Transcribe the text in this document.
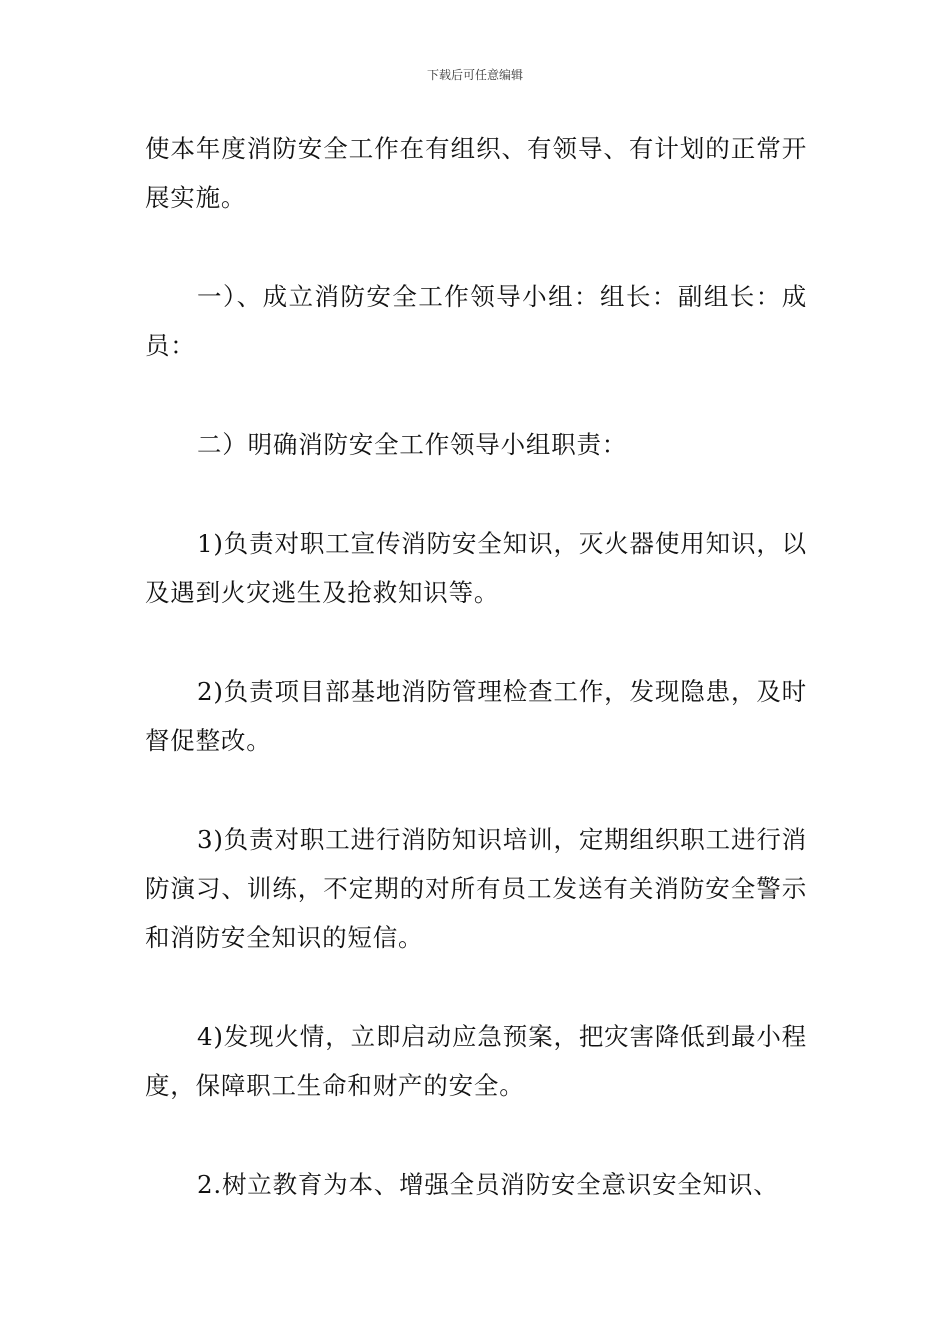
下载后可任意编辑

使本年度消防安全工作在有组织、有领导、有计划的正常开展实施。

一）、成立消防安全工作领导小组：组长：副组长：成员：

二）明确消防安全工作领导小组职责：

1)负责对职工宣传消防安全知识，灭火器使用知识，以及遇到火灾逃生及抢救知识等。

2)负责项目部基地消防管理检查工作，发现隐患，及时督促整改。

3)负责对职工进行消防知识培训，定期组织职工进行消防演习、训练，不定期的对所有员工发送有关消防安全警示和消防安全知识的短信。

4)发现火情，立即启动应急预案，把灾害降低到最小程度，保障职工生命和财产的安全。

2.树立教育为本、增强全员消防安全意识安全知识、
